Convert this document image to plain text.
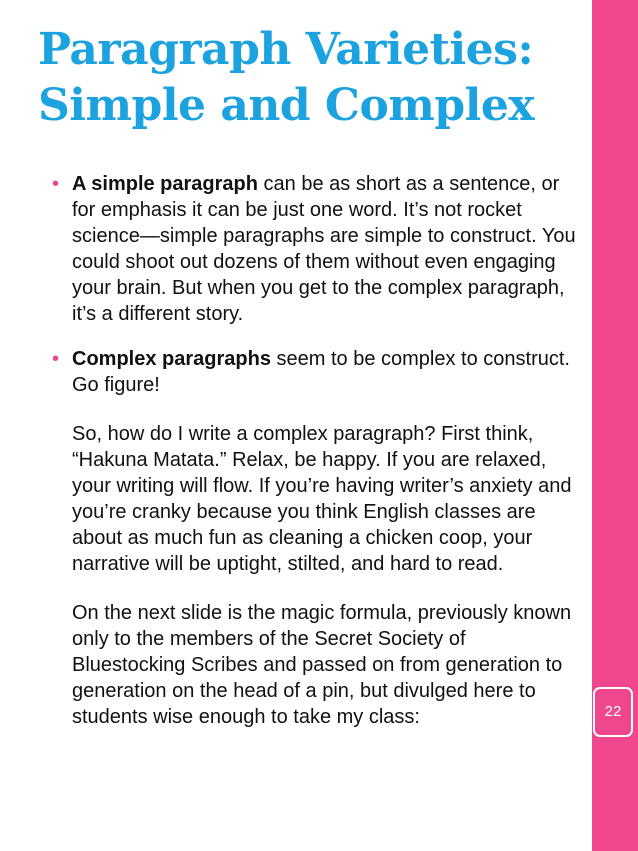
Paragraph Varieties:
Simple and Complex
• A simple paragraph can be as short as a sentence, or for emphasis it can be just one word. It’s not rocket science—simple paragraphs are simple to construct. You could shoot out dozens of them without even engaging your brain. But when you get to the complex paragraph, it’s a different story.
• Complex paragraphs seem to be complex to construct. Go figure!
So, how do I write a complex paragraph? First think, “Hakuna Matata.” Relax, be happy. If you are relaxed, your writing will flow. If you’re having writer’s anxiety and you’re cranky because you think English classes are about as much fun as cleaning a chicken coop, your narrative will be uptight, stilted, and hard to read.
On the next slide is the magic formula, previously known only to the members of the Secret Society of Bluestocking Scribes and passed on from generation to generation on the head of a pin, but divulged here to students wise enough to take my class:	22
